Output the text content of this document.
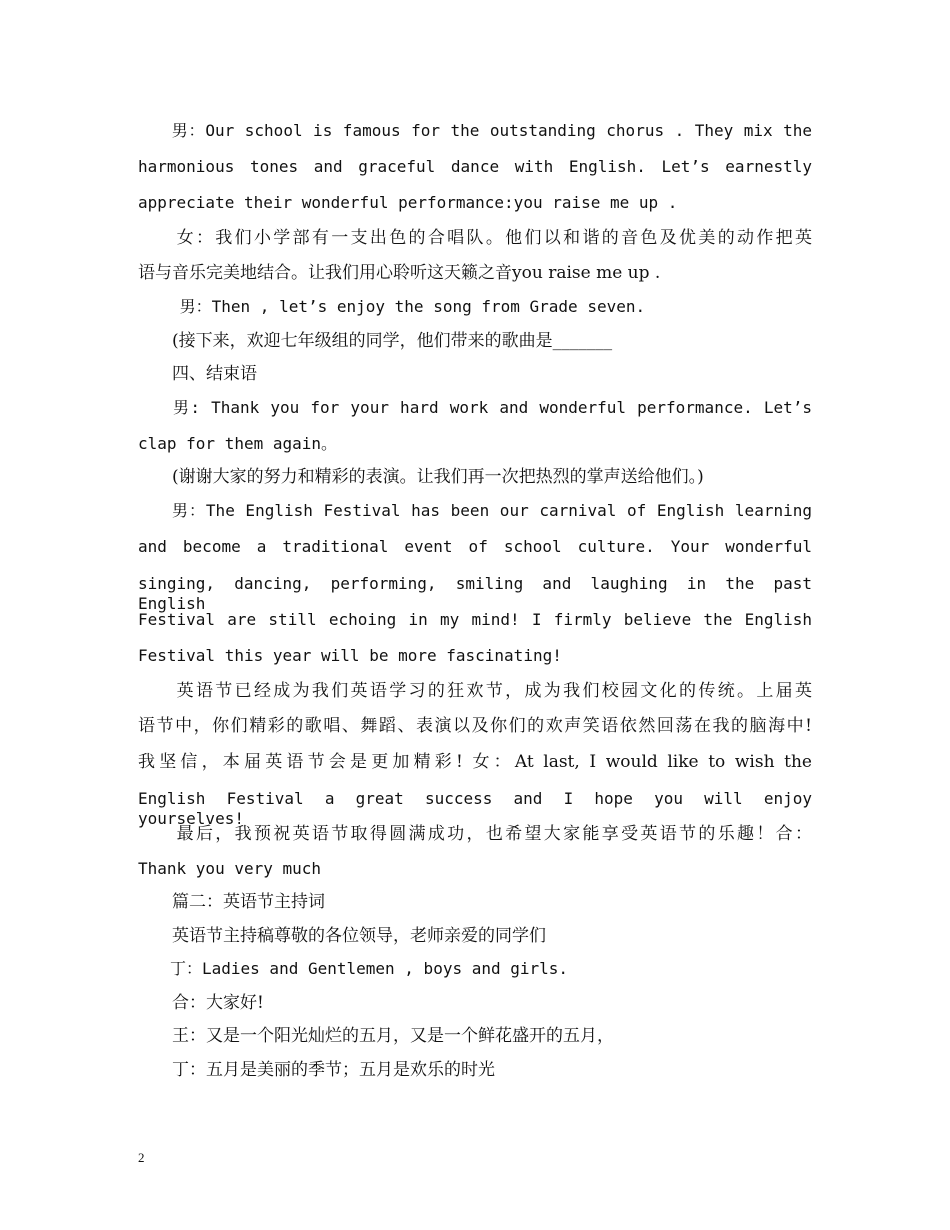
　　男：Our school is famous for the outstanding chorus . They mix the
harmonious tones and graceful dance with English. Let’s earnestly
appreciate their wonderful performance:you raise me up .
　　女：我们小学部有一支出色的合唱队。他们以和谐的音色及优美的动作把英
语与音乐完美地结合。让我们用心聆听这天籁之音you raise me up .
　　 男：Then , let’s enjoy the song from Grade seven.
　　(接下来，欢迎七年级组的同学，他们带来的歌曲是_______
　　四、结束语
　　男: Thank you for your hard work and wonderful performance. Let’s
clap for them again。
　　(谢谢大家的努力和精彩的表演。让我们再一次把热烈的掌声送给他们。)
　　男：The English Festival has been our carnival of English learning
and become a traditional event of school culture. Your wonderful
singing, dancing, performing, smiling and laughing in the past English
Festival are still echoing in my mind! I firmly believe the English
Festival this year will be more fascinating!
　　英语节已经成为我们英语学习的狂欢节，成为我们校园文化的传统。上届英
语节中，你们精彩的歌唱、舞蹈、表演以及你们的欢声笑语依然回荡在我的脑海中!
我坚信，本届英语节会是更加精彩! 女：At last, I would like to wish the
English Festival a great success and I hope you will enjoy yourselves!
　　最后，我预祝英语节取得圆满成功，也希望大家能享受英语节的乐趣！合：
Thank you very much
　　篇二：英语节主持词
　　英语节主持稿尊敬的各位领导，老师亲爱的同学们
　　丁：Ladies and Gentlemen , boys and girls.
　　合：大家好!
　　王：又是一个阳光灿烂的五月，又是一个鲜花盛开的五月，
　　丁：五月是美丽的季节；五月是欢乐的时光
2
